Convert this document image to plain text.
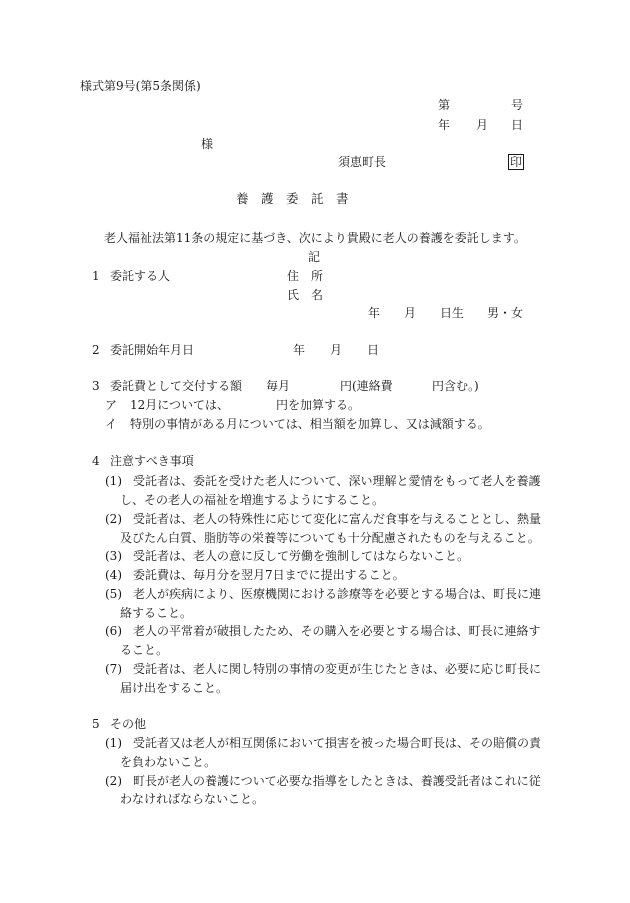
様式第9号(第5条関係)
第	号
年 月 日
様
須恵町長	印
養　護　委　託　書
老人福祉法第11条の規定に基づき、次により貴殿に老人の養護を委託します。
記
1 委託する人	住　所
氏　名
年 月 日生 男・女
2 委託開始年月日	年 月 日
3 委託費として交付する額 毎月	円(連絡費	円含む。)
ア 12月については、	円を加算する。
イ 特別の事情がある月については、相当額を加算し、又は減額する。
4 注意すべき事項
(1) 受託者は、委託を受けた老人について、深い理解と愛情をもって老人を養護
し、その老人の福祉を増進するようにすること。
(2) 受託者は、老人の特殊性に応じて変化に富んだ食事を与えることとし、熱量
及びたん白質、脂肪等の栄養等についても十分配慮されたものを与えること。
(3) 受託者は、老人の意に反して労働を強制してはならないこと。
(4) 委託費は、毎月分を翌月7日までに提出すること。
(5) 老人が疾病により、医療機関における診療等を必要とする場合は、町長に連
絡すること。
(6) 老人の平常着が破損したため、その購入を必要とする場合は、町長に連絡す
ること。
(7) 受託者は、老人に関し特別の事情の変更が生じたときは、必要に応じ町長に
届け出をすること。
5 その他
(1) 受託者又は老人が相互関係において損害を被った場合町長は、その賠償の責
を負わないこと。
(2) 町長が老人の養護について必要な指導をしたときは、養護受託者はこれに従
わなければならないこと。
